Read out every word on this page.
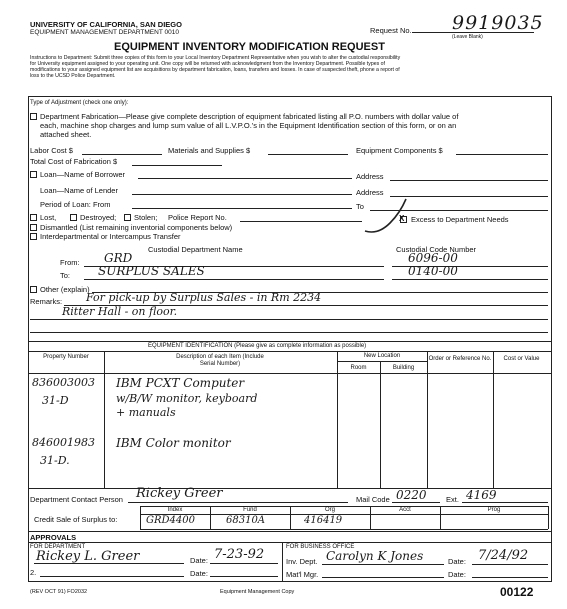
UNIVERSITY OF CALIFORNIA, SAN DIEGO
EQUIPMENT MANAGEMENT DEPARTMENT 0010	Request No. 9919035
(Leave Blank)
EQUIPMENT INVENTORY MODIFICATION REQUEST
Instructions to Department: Submit three copies of this form to your Local Inventory Department Representative when you wish to alter the custodial responsibility
for University equipment assigned to your operating unit. One copy will be returned with acknowledgment from the Inventory Department. Possible types of
modifications to your assigned equipment list are acquisitions by department fabrication, loans, transfers and losses. In case of suspected theft, phone a report of
loss to the UCSD Police Department.
Type of Adjustment (check one only):
Department Fabrication—Please give complete description of equipment fabricated listing all P.O. numbers with dollar value of
each, machine shop charges and lump sum value of all L.V.P.O.'s in the Equipment Identification section of this form, or on an
attached sheet.
Labor Cost $	Materials and Supplies $	Equipment Components $
Total Cost of Fabrication $
Loan—Name of Borrower	Address
Loan—Name of Lender	Address
Period of Loan: From	To
Lost,	Destroyed; Stolen; Police Report No.	X Excess to Department Needs
Dismantled (List remaining inventorial components below)
Interdepartmental or Intercampus Transfer
Custodial Department Name	Custodial Code Number
From: GRD	6096-00
To: SURPLUS SALES	0140-00
Other (explain)
Remarks: For pick-up by Surplus Sales - in Rm 2234
Ritter Hall - on floor.
EQUIPMENT IDENTIFICATION (Please give as complete information as possible)
Property Number	Description of each Item (Include Serial Number)
New Location
Room	Building
Order or Reference No.	Cost or Value
836003003
31-D
IBM PCXT Computer
w/B/W monitor, keyboard
+ manuals
846001983
31-D.
IBM Color monitor
Department Contact Person Rickey Greer	Mail Code 0220	Ext. 4169
Credit Sale of Surplus to:
Index	Fund	Org	Acct	Prog
GRD4400	68310A	416419
APPROVALS
FOR DEPARTMENT
Rickey L. Greer	Date: 7-23-92
2.	Date:
FOR BUSINESS OFFICE
Inv. Dept. Carolyn K Jones	Date: 7/24/92
Mat'l Mgr.	Date:
(REV OCT 91) FO2032	Equipment Management Copy	00122
